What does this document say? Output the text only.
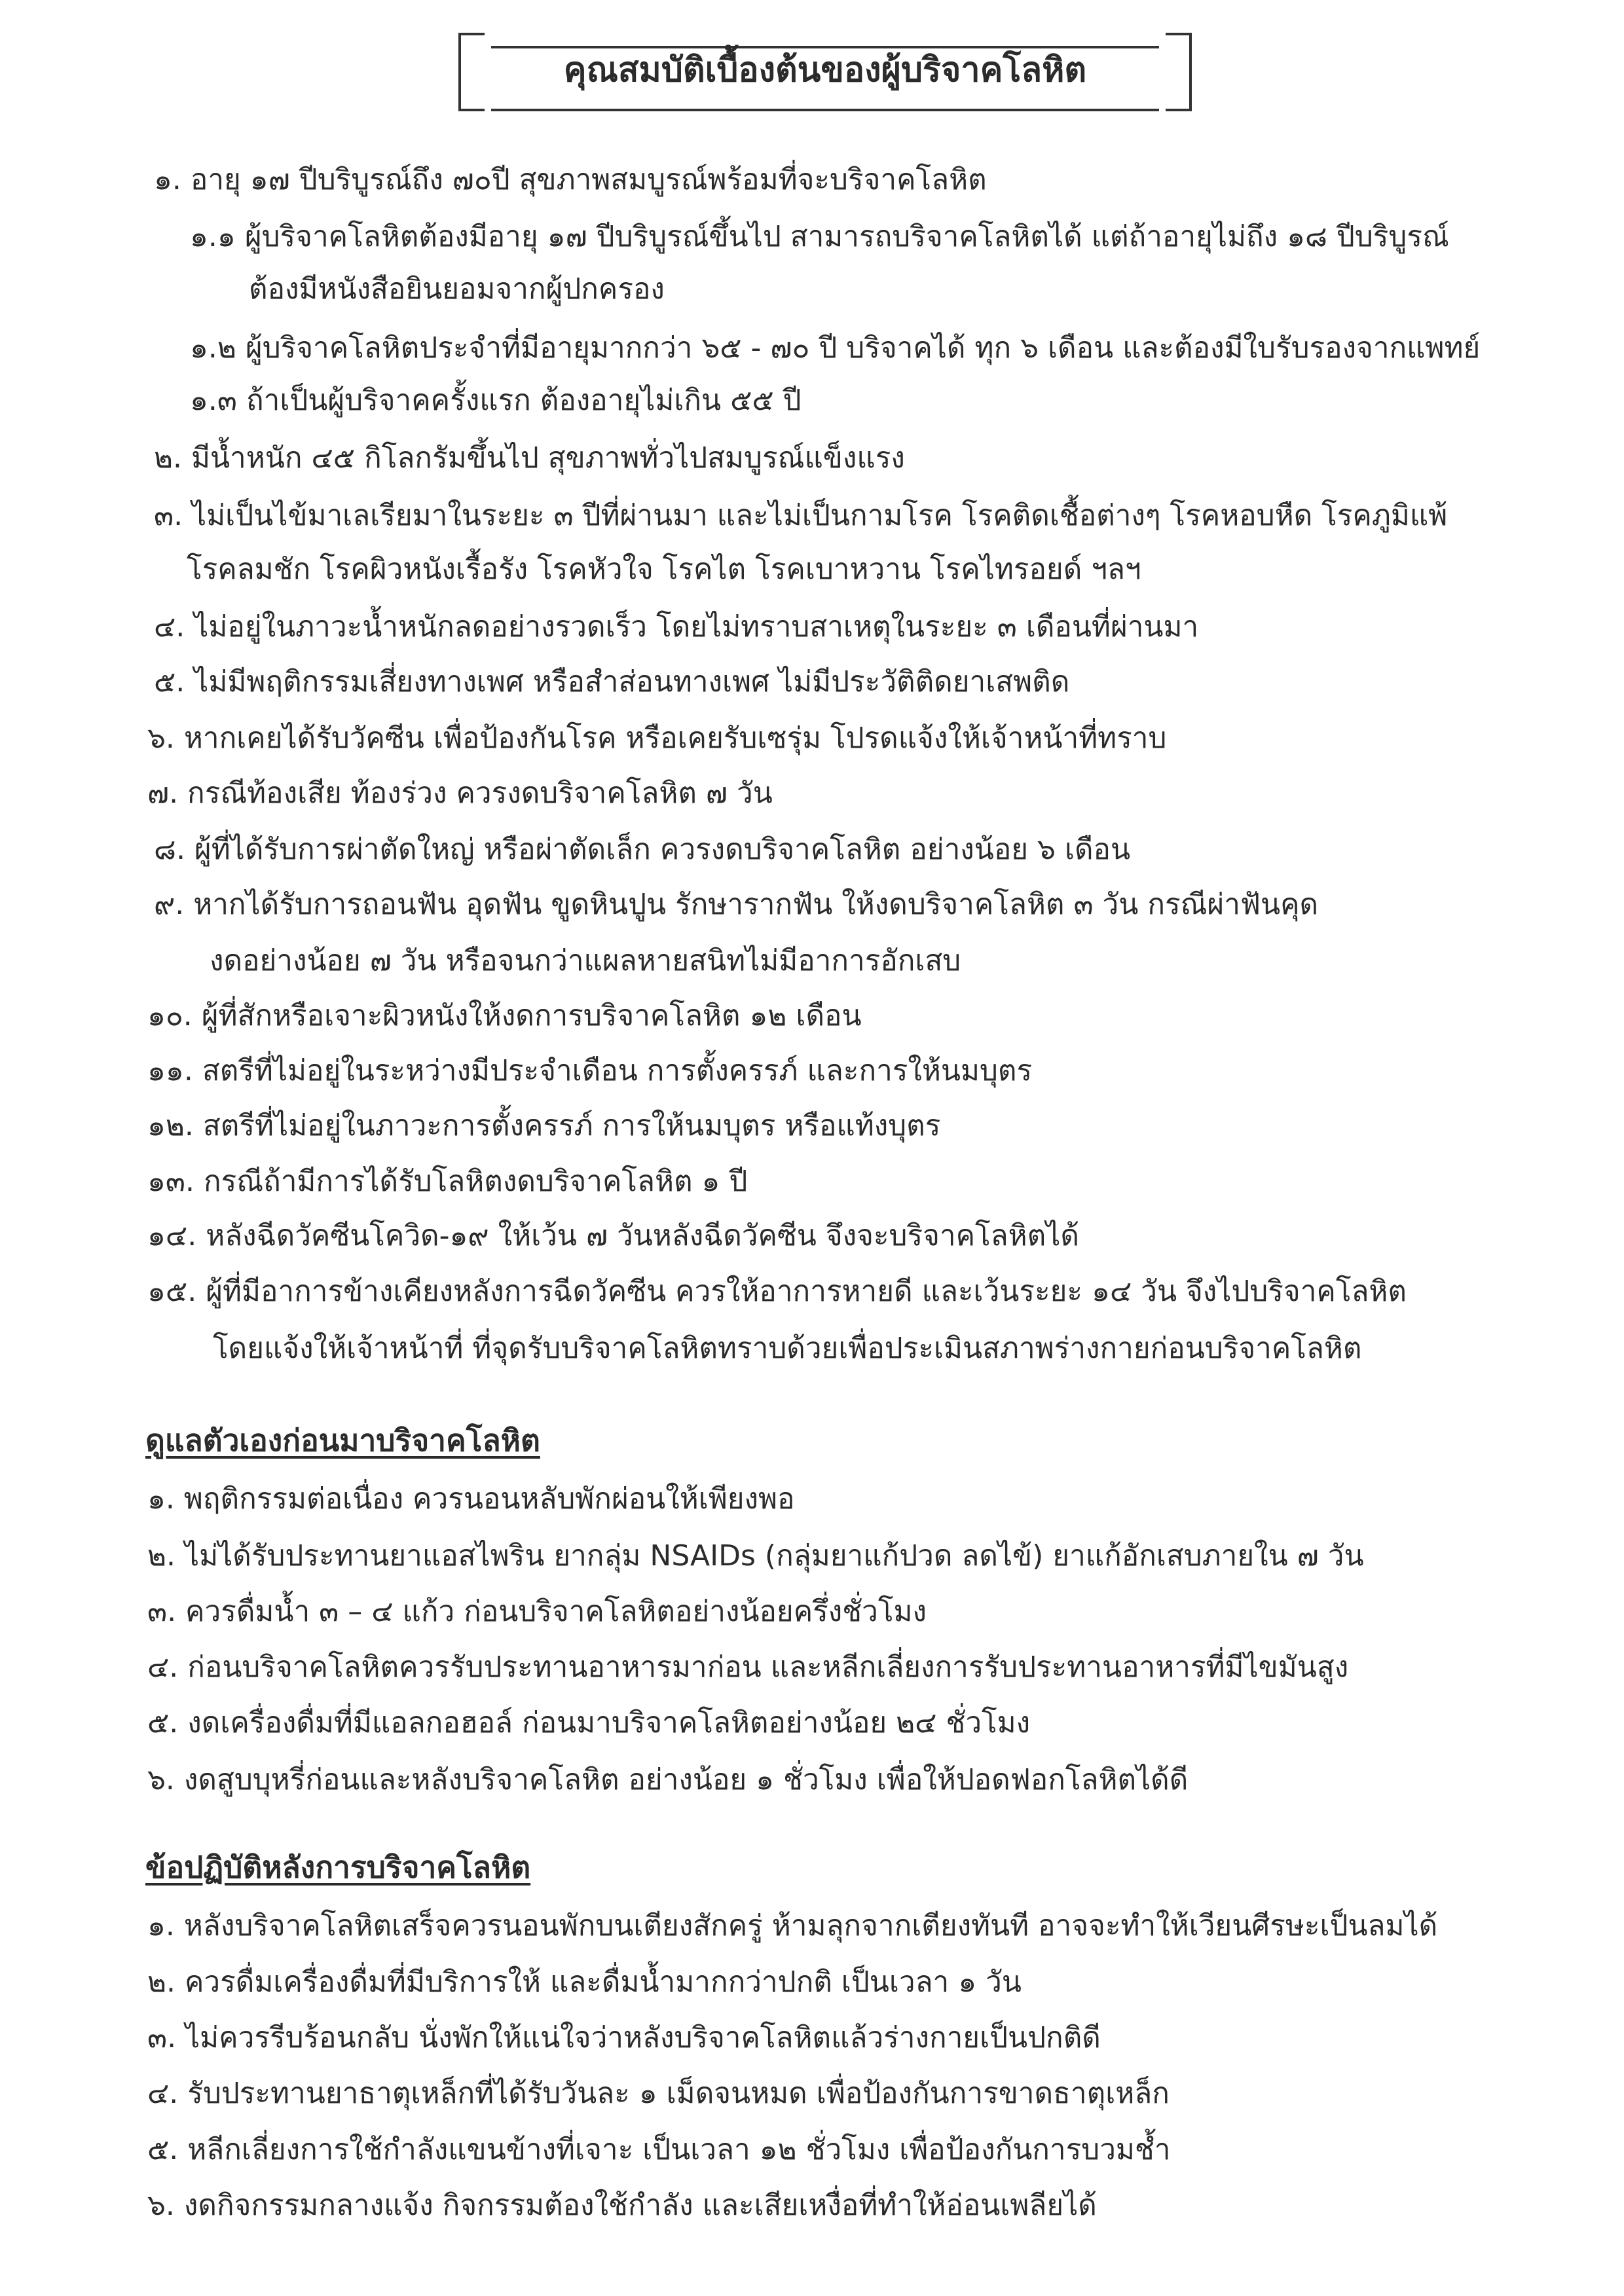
คุณสมบัติเบื้องต้นของผู้บริจาคโลหิต
๑. อายุ ๑๗ ปีบริบูรณ์ถึง ๗๐ปี สุขภาพสมบูรณ์พร้อมที่จะบริจาคโลหิต
๑.๑ ผู้บริจาคโลหิตต้องมีอายุ ๑๗ ปีบริบูรณ์ขึ้นไป สามารถบริจาคโลหิตได้ แต่ถ้าอายุไม่ถึง ๑๘ ปีบริบูรณ์
ต้องมีหนังสือยินยอมจากผู้ปกครอง
๑.๒ ผู้บริจาคโลหิตประจำที่มีอายุมากกว่า ๖๕ - ๗๐ ปี บริจาคได้ ทุก ๖ เดือน และต้องมีใบรับรองจากแพทย์
๑.๓ ถ้าเป็นผู้บริจาคครั้งแรก ต้องอายุไม่เกิน ๕๕ ปี
๒. มีน้ำหนัก ๔๕ กิโลกรัมขึ้นไป สุขภาพทั่วไปสมบูรณ์แข็งแรง
๓. ไม่เป็นไข้มาเลเรียมาในระยะ ๓ ปีที่ผ่านมา และไม่เป็นกามโรค โรคติดเชื้อต่างๆ โรคหอบหืด โรคภูมิแพ้
โรคลมชัก โรคผิวหนังเรื้อรัง โรคหัวใจ โรคไต โรคเบาหวาน โรคไทรอยด์ ฯลฯ
๔. ไม่อยู่ในภาวะน้ำหนักลดอย่างรวดเร็ว โดยไม่ทราบสาเหตุในระยะ ๓ เดือนที่ผ่านมา
๕. ไม่มีพฤติกรรมเสี่ยงทางเพศ หรือสำส่อนทางเพศ ไม่มีประวัติติดยาเสพติด
๖. หากเคยได้รับวัคซีน เพื่อป้องกันโรค หรือเคยรับเซรุ่ม โปรดแจ้งให้เจ้าหน้าที่ทราบ
๗. กรณีท้องเสีย ท้องร่วง ควรงดบริจาคโลหิต ๗ วัน
๘. ผู้ที่ได้รับการผ่าตัดใหญ่ หรือผ่าตัดเล็ก ควรงดบริจาคโลหิต อย่างน้อย ๖ เดือน
๙. หากได้รับการถอนฟัน อุดฟัน ขูดหินปูน รักษารากฟัน ให้งดบริจาคโลหิต ๓ วัน กรณีผ่าฟันคุด
งดอย่างน้อย ๗ วัน หรือจนกว่าแผลหายสนิทไม่มีอาการอักเสบ
๑๐. ผู้ที่สักหรือเจาะผิวหนังให้งดการบริจาคโลหิต ๑๒ เดือน
๑๑. สตรีที่ไม่อยู่ในระหว่างมีประจำเดือน การตั้งครรภ์ และการให้นมบุตร
๑๒. สตรีที่ไม่อยู่ในภาวะการตั้งครรภ์ การให้นมบุตร หรือแท้งบุตร
๑๓. กรณีถ้ามีการได้รับโลหิตงดบริจาคโลหิต ๑ ปี
๑๔. หลังฉีดวัคซีนโควิด-๑๙ ให้เว้น ๗ วันหลังฉีดวัคซีน จึงจะบริจาคโลหิตได้
๑๕. ผู้ที่มีอาการข้างเคียงหลังการฉีดวัคซีน ควรให้อาการหายดี และเว้นระยะ ๑๔ วัน จึงไปบริจาคโลหิต
โดยแจ้งให้เจ้าหน้าที่ ที่จุดรับบริจาคโลหิตทราบด้วยเพื่อประเมินสภาพร่างกายก่อนบริจาคโลหิต
ดูแลตัวเองก่อนมาบริจาคโลหิต
๑. พฤติกรรมต่อเนื่อง ควรนอนหลับพักผ่อนให้เพียงพอ
๒. ไม่ได้รับประทานยาแอสไพริน ยากลุ่ม NSAIDs (กลุ่มยาแก้ปวด ลดไข้) ยาแก้อักเสบภายใน ๗ วัน
๓. ควรดื่มน้ำ ๓ – ๔ แก้ว ก่อนบริจาคโลหิตอย่างน้อยครึ่งชั่วโมง
๔. ก่อนบริจาคโลหิตควรรับประทานอาหารมาก่อน และหลีกเลี่ยงการรับประทานอาหารที่มีไขมันสูง
๕. งดเครื่องดื่มที่มีแอลกอฮอล์ ก่อนมาบริจาคโลหิตอย่างน้อย ๒๔ ชั่วโมง
๖. งดสูบบุหรี่ก่อนและหลังบริจาคโลหิต อย่างน้อย ๑ ชั่วโมง เพื่อให้ปอดฟอกโลหิตได้ดี
ข้อปฏิบัติหลังการบริจาคโลหิต
๑. หลังบริจาคโลหิตเสร็จควรนอนพักบนเตียงสักครู่ ห้ามลุกจากเตียงทันที อาจจะทำให้เวียนศีรษะเป็นลมได้
๒. ควรดื่มเครื่องดื่มที่มีบริการให้ และดื่มน้ำมากกว่าปกติ เป็นเวลา ๑ วัน
๓. ไม่ควรรีบร้อนกลับ นั่งพักให้แน่ใจว่าหลังบริจาคโลหิตแล้วร่างกายเป็นปกติดี
๔. รับประทานยาธาตุเหล็กที่ได้รับวันละ ๑ เม็ดจนหมด เพื่อป้องกันการขาดธาตุเหล็ก
๕. หลีกเลี่ยงการใช้กำลังแขนข้างที่เจาะ เป็นเวลา ๑๒ ชั่วโมง เพื่อป้องกันการบวมช้ำ
๖. งดกิจกรรมกลางแจ้ง กิจกรรมต้องใช้กำลัง และเสียเหงื่อที่ทำให้อ่อนเพลียได้
